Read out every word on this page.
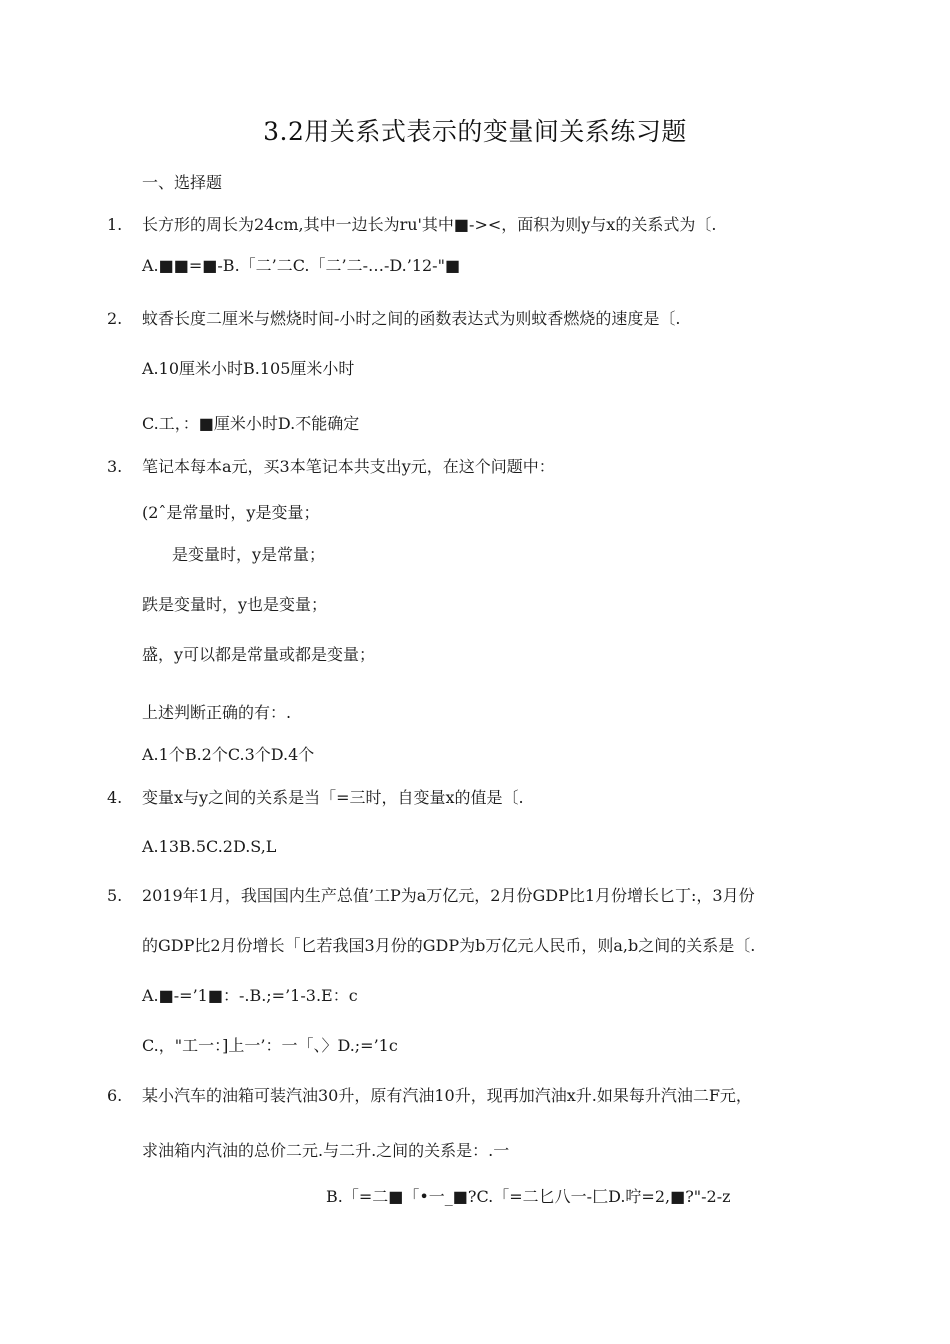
3.2用关系式表示的变量间关系练习题
一、选择题
1. 长方形的周长为24cm,其中一边长为ru'其中■-><，面积为则y与x的关系式为〔.
A.■■=■-B.「二’二C.「二’二-…-D.’12-"■
2. 蚊香长度二厘米与燃烧时间-小时之间的函数表达式为则蚊香燃烧的速度是〔.
A.10厘米小时B.105厘米小时
C.工，：■厘米小时D.不能确定
3. 笔记本每本a元，买3本笔记本共支出y元，在这个问题中：
(2ˆ是常量时，y是变量；
是变量时，y是常量；
跌是变量时，y也是变量；
盛，y可以都是常量或都是变量；
上述判断正确的有：.
A.1个B.2个C.3个D.4个
4. 变量x与y之间的关系是当「=三时，自变量x的值是〔.
A.13B.5C.2D.S,L
5. 2019年1月，我国国内生产总值’工P为a万亿元，2月份GDP比1月份增长匕丁:，3月份
的GDP比2月份增长「匕若我国3月份的GDP为b万亿元人民币，则a,b之间的关系是〔.
A.■-=’1■：-.B.;=’1-3.E：c
C.，"工一：]上一’：一「、〉D.;=’1c
6. 某小汽车的油箱可装汽油30升，原有汽油10升，现再加汽油x升.如果每升汽油二F元，
求油箱内汽油的总价二元.与二升.之间的关系是：.一
B.「=二■「•一_■?C.「=二匕八一-匚D.咛=2,■?"-2-z
